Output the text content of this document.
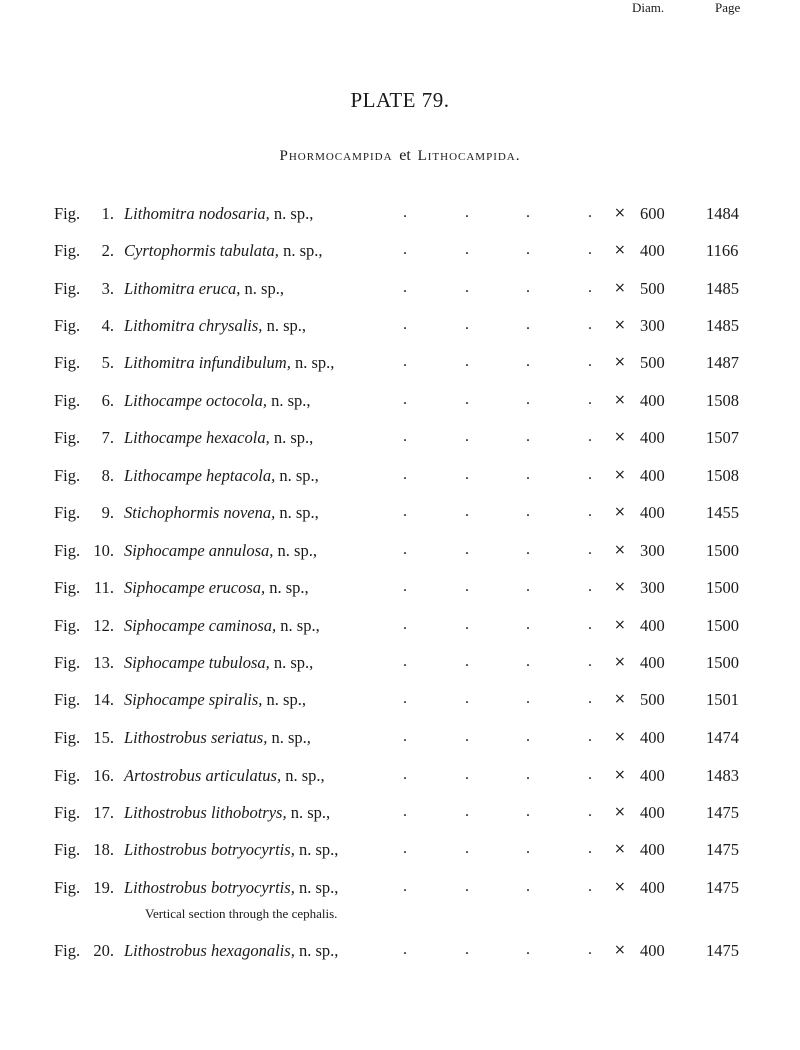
PLATE 79.
Phormocampida et Lithocampida.
Diam.	Page
Fig.	1. Lithomitra nodosaria, n. sp.,	.	.	.	. × 600	1484
Fig.	2. Cyrtophormis tabulata, n. sp.,	.	.	.	. × 400	1166
Fig.	3. Lithomitra eruca, n. sp.,	.	.	.	. × 500	1485
Fig.	4. Lithomitra chrysalis, n. sp.,	.	.	.	. × 300	1485
Fig.	5. Lithomitra infundibulum, n. sp.,	.	.	.	. × 500	1487
Fig.	6. Lithocampe octocola, n. sp.,	.	.	.	. × 400	1508
Fig.	7. Lithocampe hexacola, n. sp.,	.	.	.	. × 400	1507
Fig.	8. Lithocampe heptacola, n. sp.,	.	.	.	. × 400	1508
Fig.	9. Stichophormis novena, n. sp.,	.	.	.	. × 400	1455
Fig. 10. Siphocampe annulosa, n. sp.,	.	.	.	. × 300	1500
Fig. 11. Siphocampe erucosa, n. sp.,	.	.	.	. × 300	1500
Fig. 12. Siphocampe caminosa, n. sp.,	.	.	.	. × 400	1500
Fig. 13. Siphocampe tubulosa, n. sp.,	.	.	.	. × 400	1500
Fig. 14. Siphocampe spiralis, n. sp.,	.	.	.	. × 500	1501
Fig. 15. Lithostrobus seriatus, n. sp.,	.	.	.	. × 400	1474
Fig. 16. Artostrobus articulatus, n. sp.,	.	.	.	. × 400	1483
Fig. 17. Lithostrobus lithobotrys, n. sp.,	.	.	.	. × 400	1475
Fig. 18. Lithostrobus botryocyrtis, n. sp.,	.	.	.	. × 400	1475
Fig. 19. Lithostrobus botryocyrtis, n. sp.,	.	.	.	. × 400	1475
Fig. 20. Lithostrobus hexagonalis, n. sp.,	.	.	.	. × 400	1475
Vertical section through the cephalis.
